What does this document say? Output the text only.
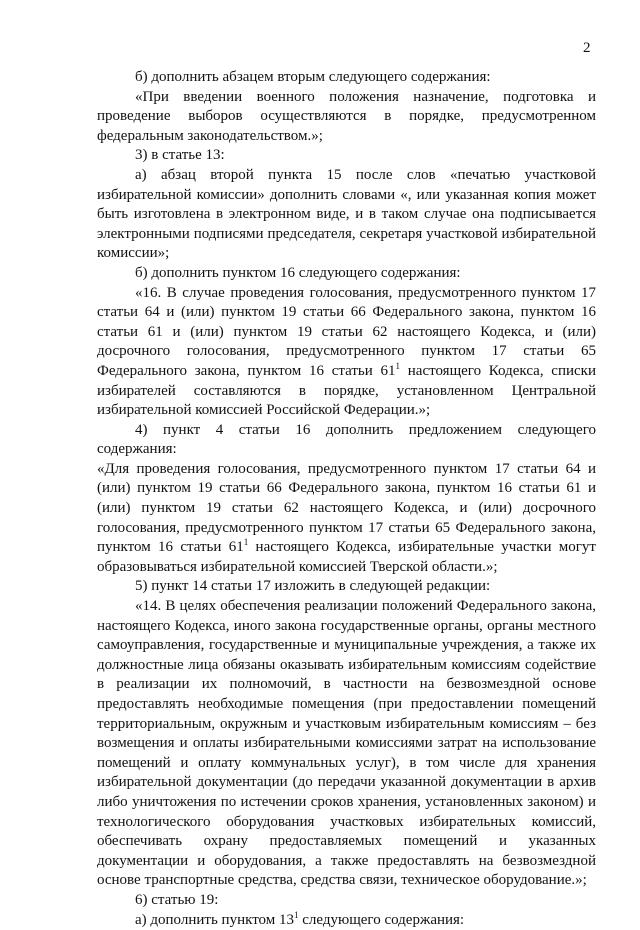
2

б) дополнить абзацем вторым следующего содержания:

«При введении военного положения назначение, подготовка и проведение выборов осуществляются в порядке, предусмотренном федеральным законодательством.»;

3) в статье 13:

а) абзац второй пункта 15 после слов «печатью участковой избирательной комиссии» дополнить словами «, или указанная копия может быть изготовлена в электронном виде, и в таком случае она подписывается электронными подписями председателя, секретаря участковой избирательной комиссии»;

б) дополнить пунктом 16 следующего содержания:

«16. В случае проведения голосования, предусмотренного пунктом 17 статьи 64 и (или) пунктом 19 статьи 66 Федерального закона, пунктом 16 статьи 61 и (или) пунктом 19 статьи 62 настоящего Кодекса, и (или) досрочного голосования, предусмотренного пунктом 17 статьи 65 Федерального закона, пунктом 16 статьи $61^1$ настоящего Кодекса, списки избирателей составляются в порядке, установленном Центральной избирательной комиссией Российской Федерации.»;

4) пункт 4 статьи 16 дополнить предложением следующего содержания:

«Для проведения голосования, предусмотренного пунктом 17 статьи 64 и (или) пунктом 19 статьи 66 Федерального закона, пунктом 16 статьи 61 и (или) пунктом 19 статьи 62 настоящего Кодекса, и (или) досрочного голосования, предусмотренного пунктом 17 статьи 65 Федерального закона, пунктом 16 статьи $61^1$ настоящего Кодекса, избирательные участки могут образовываться избирательной комиссией Тверской области.»;

5) пункт 14 статьи 17 изложить в следующей редакции:

«14. В целях обеспечения реализации положений Федерального закона, настоящего Кодекса, иного закона государственные органы, органы местного самоуправления, государственные и муниципальные учреждения, а также их должностные лица обязаны оказывать избирательным комиссиям содействие в реализации их полномочий, в частности на безвозмездной основе предоставлять необходимые помещения (при предоставлении помещений территориальным, окружным и участковым избирательным комиссиям – без возмещения и оплаты избирательными комиссиями затрат на использование помещений и оплату коммунальных услуг), в том числе для хранения избирательной документации (до передачи указанной документации в архив либо уничтожения по истечении сроков хранения, установленных законом) и технологического оборудования участковых избирательных комиссий, обеспечивать охрану предоставляемых помещений и указанных документации и оборудования, а также предоставлять на безвозмездной основе транспортные средства, средства связи, техническое оборудование.»;

6) статью 19:

а) дополнить пунктом $13^1$ следующего содержания:
